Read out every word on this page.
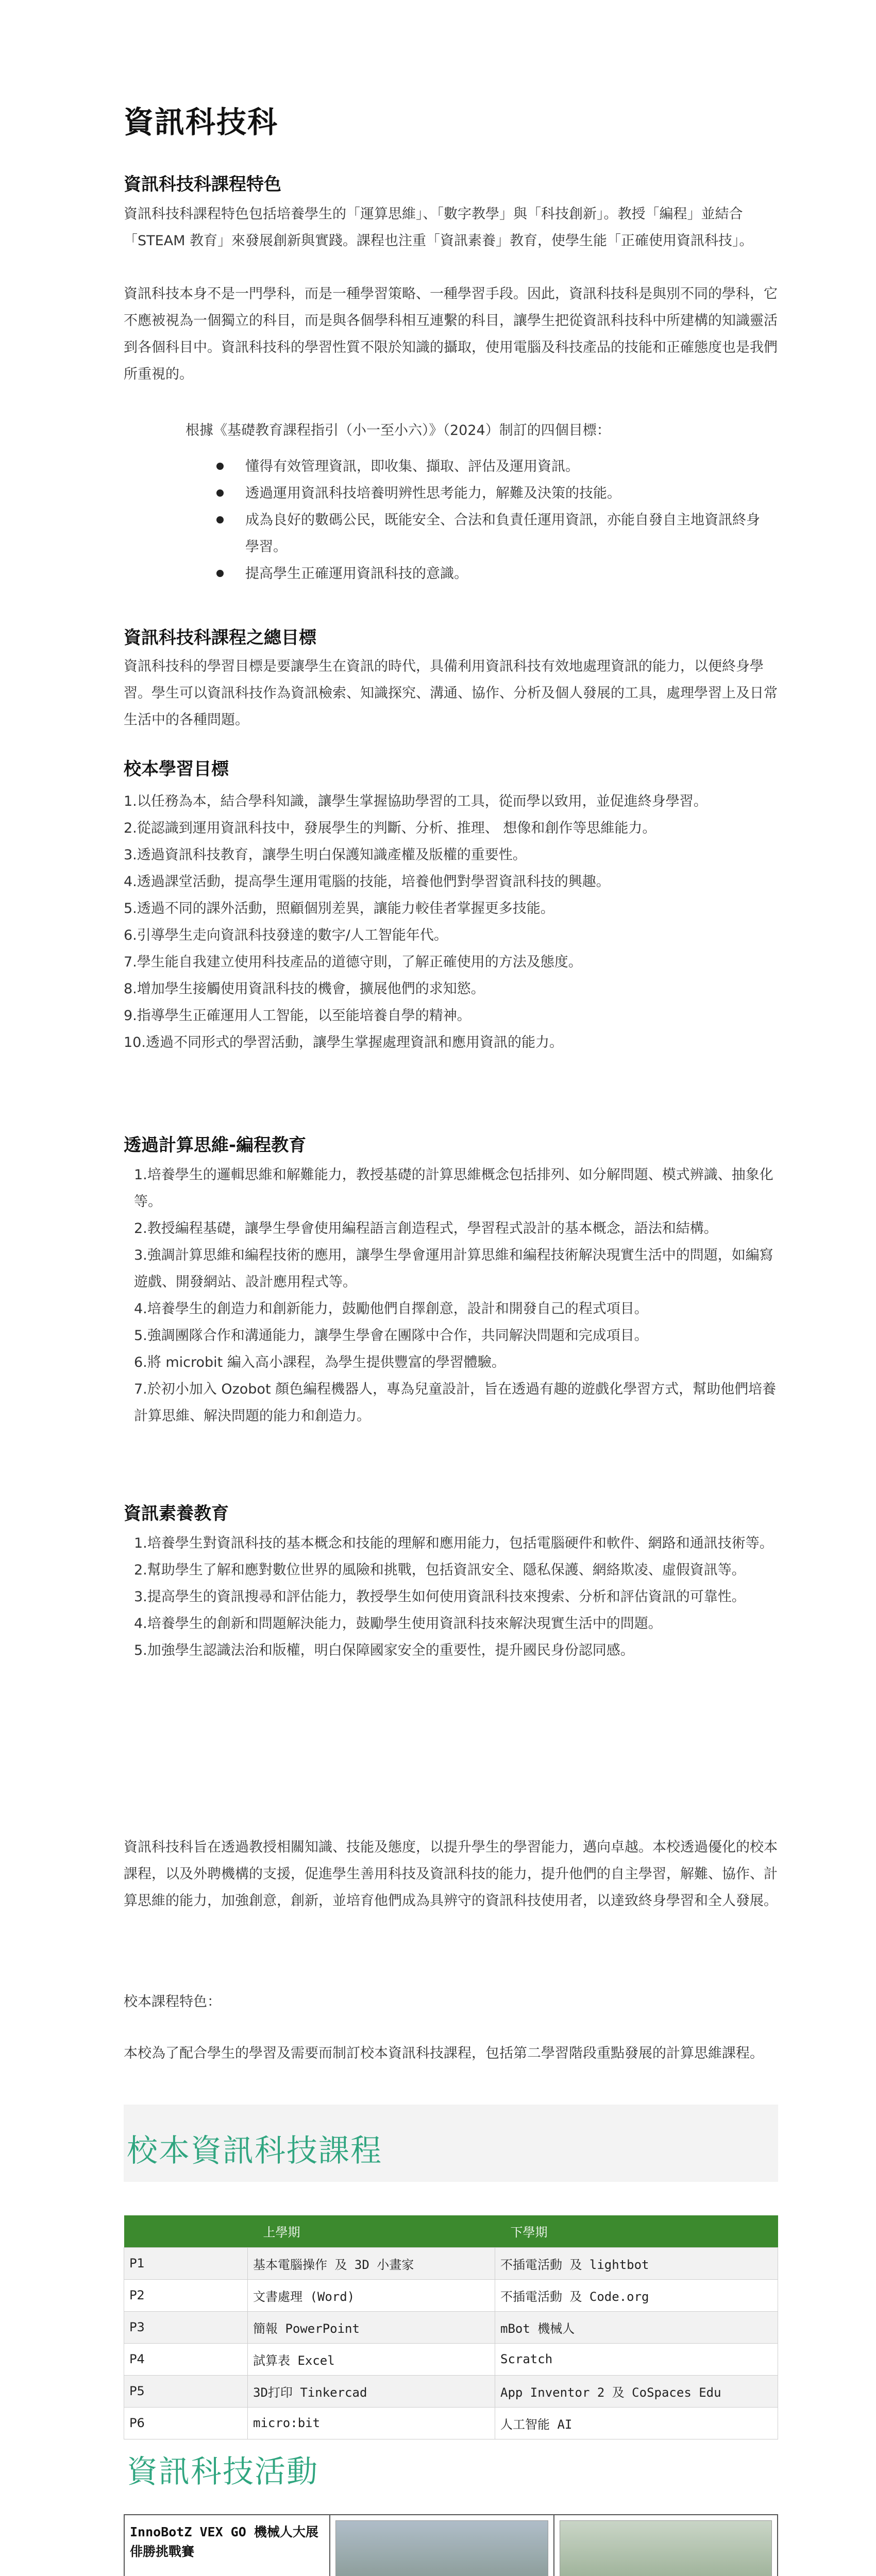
資訊科技科
資訊科技科課程特色

資訊科技科課程特色包括培養學生的「運算思維」、「數字教學」與「科技創新」。教授「編程」並結合「STEAM 教育」來發展創新與實踐。課程也注重「資訊素養」教育，使學生能「正確使用資訊科技」。

資訊科技本身不是一門學科，而是一種學習策略、一種學習手段。因此，資訊科技科是與別不同的學科，它不應被視為一個獨立的科目，而是與各個學科相互連繫的科目，讓學生把從資訊科技科中所建構的知識靈活到各個科目中。資訊科技科的學習性質不限於知識的攝取，使用電腦及科技產品的技能和正確態度也是我們所重視的。

根據《基礎教育課程指引（小一至小六）》（2024）制訂的四個目標：

懂得有效管理資訊，即收集、擷取、評估及運用資訊。
透過運用資訊科技培養明辨性思考能力，解難及決策的技能。
成為良好的數碼公民，既能安全、合法和負責任運用資訊，亦能自發自主地資訊終身學習。
提高學生正確運用資訊科技的意識。
資訊科技科課程之總目標

資訊科技科的學習目標是要讓學生在資訊的時代，具備利用資訊科技有效地處理資訊的能力，以便終身學習。學生可以資訊科技作為資訊檢索、知識探究、溝通、協作、分析及個人發展的工具，處理學習上及日常生活中的各種問題。

校本學習目標
1.以任務為本，結合學科知識，讓學生掌握協助學習的工具，從而學以致用，並促進終身學習。
2.從認識到運用資訊科技中，發展學生的判斷、分析、推理、 想像和創作等思維能力。
3.透過資訊科技教育，讓學生明白保護知識產權及版權的重要性。
4.透過課堂活動，提高學生運用電腦的技能，培養他們對學習資訊科技的興趣。
5.透過不同的課外活動，照顧個別差異，讓能力較佳者掌握更多技能。
6.引導學生走向資訊科技發達的數字/人工智能年代。
7.學生能自我建立使用科技產品的道德守則，了解正確使用的方法及態度。
8.增加學生接觸使用資訊科技的機會，擴展他們的求知慾。
9.指導學生正確運用人工智能，以至能培養自學的精神。
10.透過不同形式的學習活動，讓學生掌握處理資訊和應用資訊的能力。
透過計算思維-編程教育
1.培養學生的邏輯思維和解難能力，教授基礎的計算思維概念包括排列、如分解問題、模式辨識、抽象化等。
2.教授編程基礎，讓學生學會使用編程語言創造程式，學習程式設計的基本概念，語法和結構。
3.強調計算思維和編程技術的應用，讓學生學會運用計算思維和編程技術解決現實生活中的問題，如編寫遊戲、開發網站、設計應用程式等。
4.培養學生的創造力和創新能力，鼓勵他們自擇創意，設計和開發自己的程式項目。
5.強調團隊合作和溝通能力，讓學生學會在團隊中合作，共同解決問題和完成項目。
6.將 microbit 編入高小課程，為學生提供豐富的學習體驗。
7.於初小加入 Ozobot 顏色編程機器人，專為兒童設計，旨在透過有趣的遊戲化學習方式，幫助他們培養計算思維、解決問題的能力和創造力。
資訊素養教育
1.培養學生對資訊科技的基本概念和技能的理解和應用能力，包括電腦硬件和軟件、網路和通訊技術等。
2.幫助學生了解和應對數位世界的風險和挑戰，包括資訊安全、隱私保護、網絡欺凌、虛假資訊等。
3.提高學生的資訊搜尋和評估能力，教授學生如何使用資訊科技來搜索、分析和評估資訊的可靠性。
4.培養學生的創新和問題解決能力，鼓勵學生使用資訊科技來解決現實生活中的問題。
5.加強學生認識法治和版權，明白保障國家安全的重要性，提升國民身份認同感。

資訊科技科旨在透過教授相關知識、技能及態度，以提升學生的學習能力，邁向卓越。本校透過優化的校本課程，以及外聘機構的支援，促進學生善用科技及資訊科技的能力，提升他們的自主學習，解難、協作、計算思維的能力，加強創意，創新，並培育他們成為具辨守的資訊科技使用者，以達致終身學習和全人發展。

校本課程特色：

本校為了配合學生的學習及需要而制訂校本資訊科技課程，包括第二學習階段重點發展的計算思維課程。

校本資訊科技課程
	上學期	下學期
P1	基本電腦操作 及 3D 小畫家	不插電活動 及 lightbot
P2	文書處理 (Word)	不插電活動 及 Code.org
P3	簡報 PowerPoint	mBot 機械人
P4	試算表 Excel	Scratch
P5	3D打印 Tinkercad	App Inventor 2 及 CoSpaces Edu
P6	micro:bit	人工智能 AI
資訊科技活動
InnoBotZ VEX GO 機械人大展俳勝挑戰賽	
